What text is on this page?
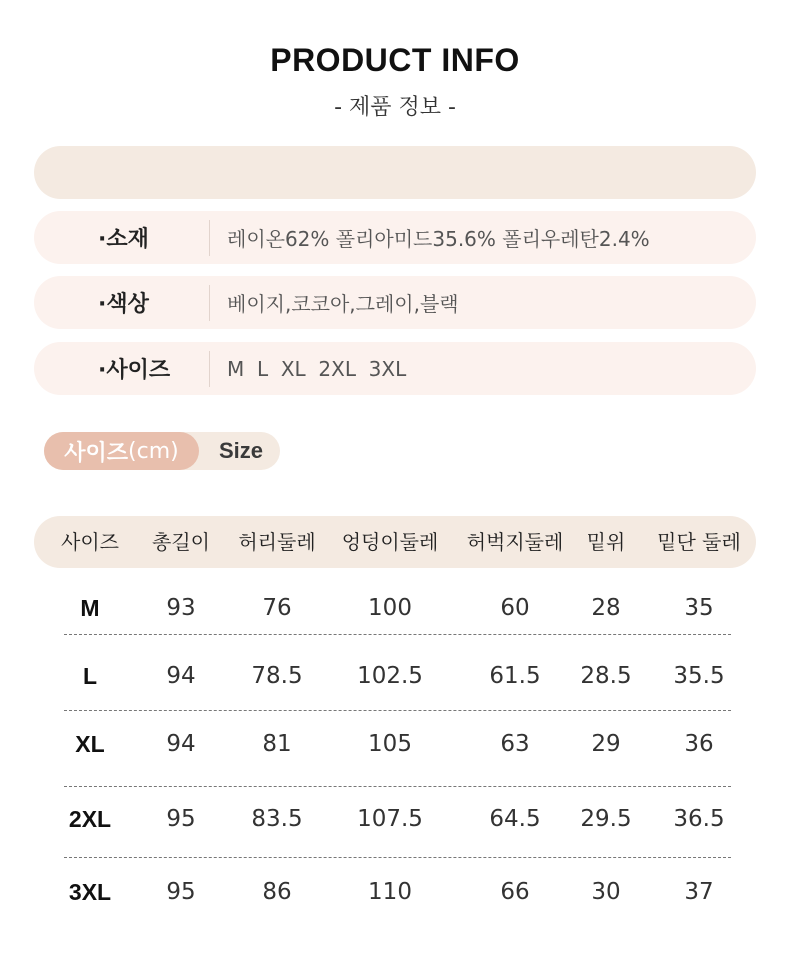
PRODUCT INFO
- 제품 정보 -
·소재	레이온62% 폴리아미드35.6% 폴리우레탄2.4%
·색상	베이지,코코아,그레이,블랙
·사이즈	M  L  XL  2XL  3XL
사이즈 (cm)	Size
사이즈 총길이 허리둘레 엉덩이둘레 허벅지둘레 밑위 밑단 둘레
M	93	76	100	60	28	35
L	94 78.5 102.5	61.5 28.5 35.5
XL	94	81	105	63	29	36
2XL 95 83.5 107.5	64.5 29.5 36.5
3XL 95	86	110	66	30	37
